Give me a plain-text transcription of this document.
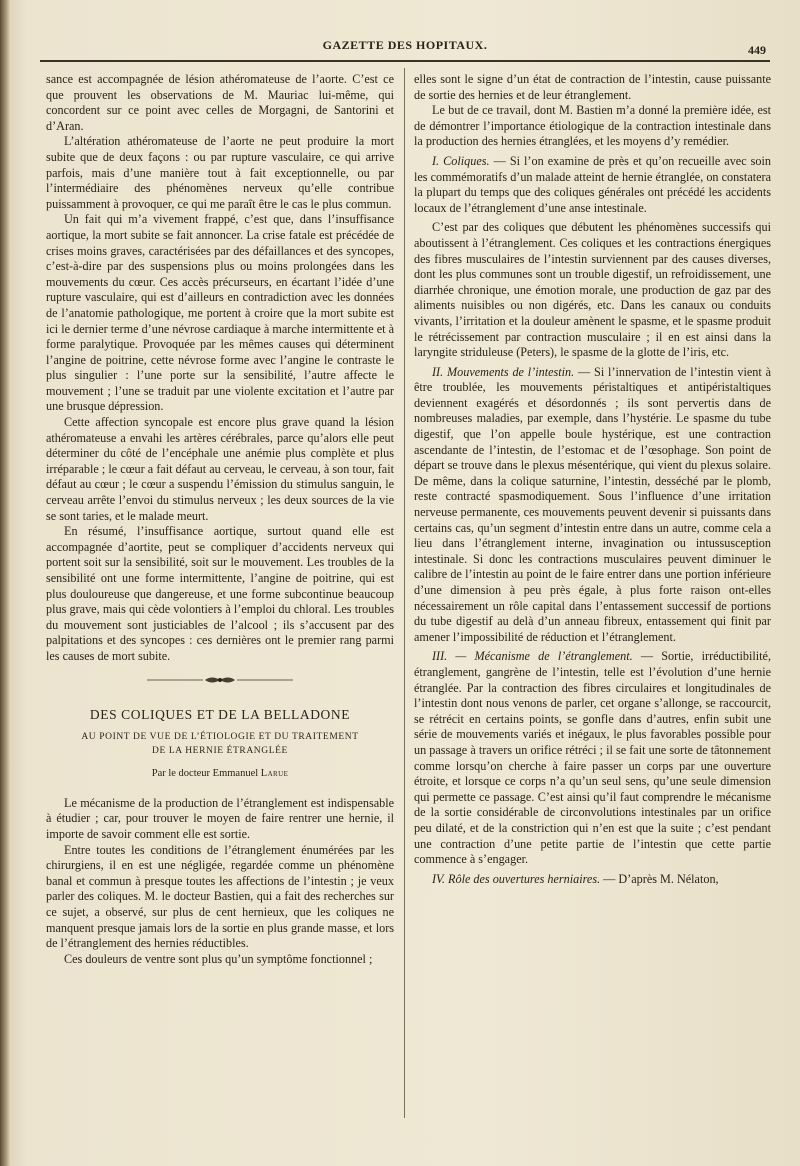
GAZETTE DES HOPITAUX.	449

sance est accompagnée de lésion athéromateuse de l’aorte. C’est ce que prouvent les observations de M. Mauriac lui-même, qui concordent sur ce point avec celles de Morgagni, de Santorini et d’Aran.

L’altération athéromateuse de l’aorte ne peut produire la mort subite que de deux façons : ou par rupture vasculaire, ce qui arrive parfois, mais d’une manière tout à fait exceptionnelle, ou par l’intermédiaire des phénomènes nerveux qu’elle contribue puissamment à provoquer, ce qui me paraît être le cas le plus commun.

Un fait qui m’a vivement frappé, c’est que, dans l’insuffisance aortique, la mort subite se fait annoncer. La crise fatale est précédée de crises moins graves, caractérisées par des défaillances et des syncopes, c’est-à-dire par des suspensions plus ou moins prolongées dans les mouvements du cœur. Ces accès précurseurs, en écartant l’idée d’une rupture vasculaire, qui est d’ailleurs en contradiction avec les données de l’anatomie pathologique, me portent à croire que la mort subite est ici le dernier terme d’une névrose cardiaque à marche intermittente et à forme paralytique. Provoquée par les mêmes causes qui déterminent l’angine de poitrine, cette névrose forme avec l’angine le contraste le plus singulier : l’une porte sur la sensibilité, l’autre affecte le mouvement ; l’une se traduit par une violente excitation et l’autre par une brusque dépression.

Cette affection syncopale est encore plus grave quand la lésion athéromateuse a envahi les artères cérébrales, parce qu’alors elle peut déterminer du côté de l’encéphale une anémie plus complète et plus irréparable ; le cœur a fait défaut au cerveau, le cerveau, à son tour, fait défaut au cœur ; le cœur a suspendu l’émission du stimulus sanguin, le cerveau arrête l’envoi du stimulus nerveux ; les deux sources de la vie se sont taries, et le malade meurt.

En résumé, l’insuffisance aortique, surtout quand elle est accompagnée d’aortite, peut se compliquer d’accidents nerveux qui portent soit sur la sensibilité, soit sur le mouvement. Les troubles de la sensibilité ont une forme intermittente, l’angine de poitrine, qui est plus douloureuse que dangereuse, et une forme subcontinue beaucoup plus grave, mais qui cède volontiers à l’emploi du chloral. Les troubles du mouvement sont justiciables de l’alcool ; ils s’accusent par des palpitations et des syncopes : ces dernières ont le premier rang parmi les causes de mort subite.

DES COLIQUES ET DE LA BELLADONE
AU POINT DE VUE DE L’ÉTIOLOGIE ET DU TRAITEMENT
DE LA HERNIE ÉTRANGLÉE
Par le docteur Emmanuel Larue

Le mécanisme de la production de l’étranglement est indispensable à étudier ; car, pour trouver le moyen de faire rentrer une hernie, il importe de savoir comment elle est sortie.

Entre toutes les conditions de l’étranglement énumérées par les chirurgiens, il en est une négligée, regardée comme un phénomène banal et commun à presque toutes les affections de l’intestin ; je veux parler des coliques. M. le docteur Bastien, qui a fait des recherches sur ce sujet, a observé, sur plus de cent hernieux, que les coliques ne manquent presque jamais lors de la sortie en plus grande masse, et lors de l’étranglement des hernies réductibles.

Ces douleurs de ventre sont plus qu’un symptôme fonctionnel ;

elles sont le signe d’un état de contraction de l’intestin, cause puissante de sortie des hernies et de leur étranglement.

Le but de ce travail, dont M. Bastien m’a donné la première idée, est de démontrer l’importance étiologique de la contraction intestinale dans la production des hernies étranglées, et les moyens d’y remédier.

I. Coliques. — Si l’on examine de près et qu’on recueille avec soin les commémoratifs d’un malade atteint de hernie étranglée, on constatera la plupart du temps que des coliques générales ont précédé les accidents locaux de l’étranglement d’une anse intestinale.

C’est par des coliques que débutent les phénomènes successifs qui aboutissent à l’étranglement. Ces coliques et les contractions énergiques des fibres musculaires de l’intestin surviennent par des causes diverses, dont les plus communes sont un trouble digestif, un refroidissement, une diarrhée chronique, une émotion morale, une production de gaz par des aliments nuisibles ou non digérés, etc. Dans les canaux ou conduits vivants, l’irritation et la douleur amènent le spasme, et le spasme produit le rétrécissement par contraction musculaire ; il en est ainsi dans la laryngite striduleuse (Peters), le spasme de la glotte de l’iris, etc.

II. Mouvements de l’intestin. — Si l’innervation de l’intestin vient à être troublée, les mouvements péristaltiques et antipéristaltiques deviennent exagérés et désordonnés ; ils sont pervertis dans de nombreuses maladies, par exemple, dans l’hystérie. Le spasme du tube digestif, que l’on appelle boule hystérique, est une contraction ascendante de l’intestin, de l’estomac et de l’œsophage. Son point de départ se trouve dans le plexus mésentérique, qui vient du plexus solaire. De même, dans la colique saturnine, l’intestin, desséché par le plomb, reste contracté spasmodiquement. Sous l’influence d’une irritation nerveuse permanente, ces mouvements peuvent devenir si puissants dans certains cas, qu’un segment d’intestin entre dans un autre, comme cela a lieu dans l’étranglement interne, invagination ou intussusception intestinale. Si donc les contractions musculaires peuvent diminuer le calibre de l’intestin au point de le faire entrer dans une portion inférieure d’une dimension à peu près égale, à plus forte raison ont-elles nécessairement un rôle capital dans l’entassement successif de portions du tube digestif au delà d’un anneau fibreux, entassement qui finit par amener l’impossibilité de réduction et l’étranglement.

III. — Mécanisme de l’étranglement. — Sortie, irréductibilité, étranglement, gangrène de l’intestin, telle est l’évolution d’une hernie étranglée. Par la contraction des fibres circulaires et longitudinales de l’intestin dont nous venons de parler, cet organe s’allonge, se raccourcit, se rétrécit en certains points, se gonfle dans d’autres, enfin subit une série de mouvements variés et inégaux, le plus favorables possible pour un passage à travers un orifice rétréci ; il se fait une sorte de tâtonnement comme lorsqu’on cherche à faire passer un corps par une ouverture étroite, et lorsque ce corps n’a qu’un seul sens, qu’une seule dimension qui permette ce passage. C’est ainsi qu’il faut comprendre le mécanisme de la sortie considérable de circonvolutions intestinales par un orifice peu dilaté, et de la constriction qui n’en est que la suite ; c’est pendant une contraction d’une petite partie de l’intestin que cette partie commence à s’engager.

IV. Rôle des ouvertures herniaires. — D’après M. Nélaton,
